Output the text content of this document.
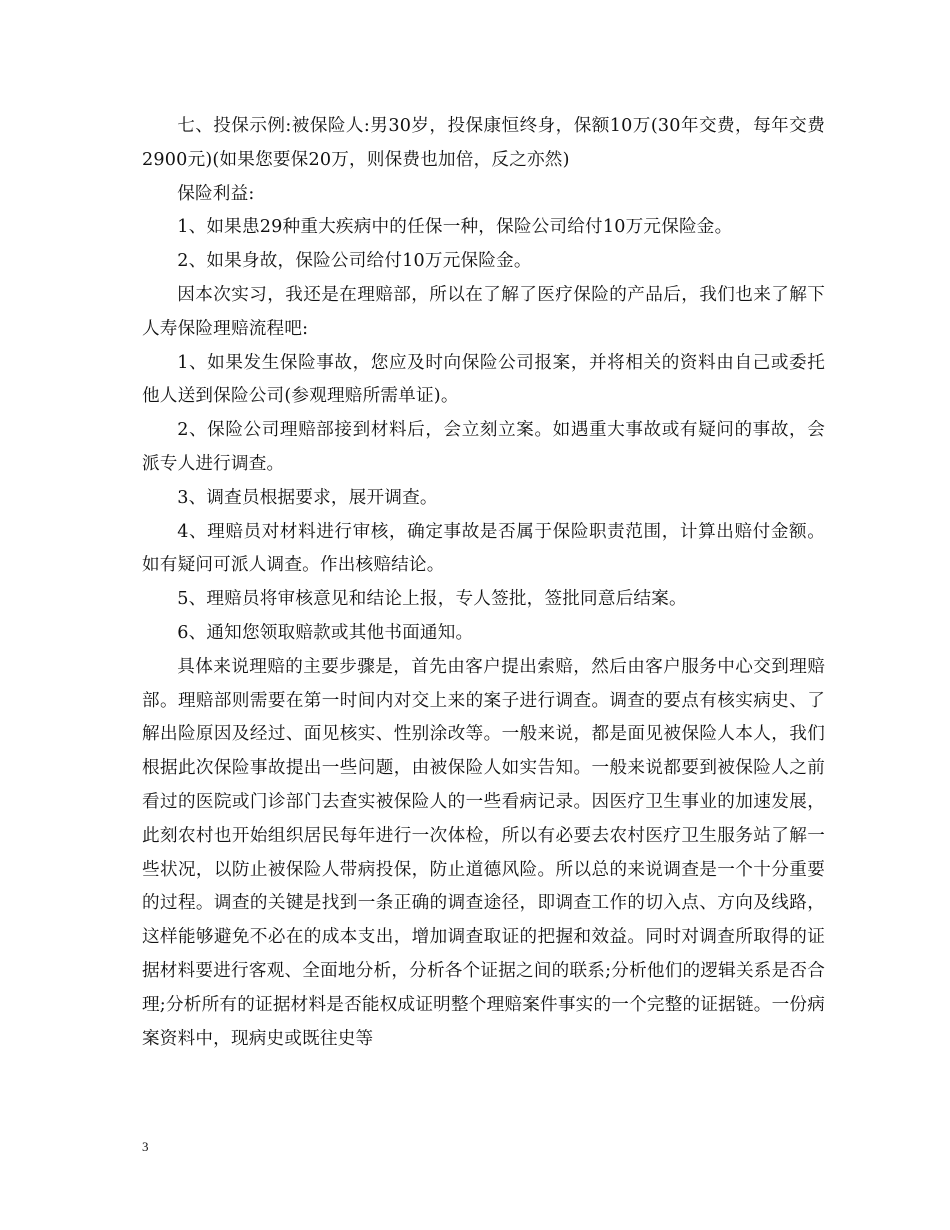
七、投保示例:被保险人:男30岁，投保康恒终身，保额10万(30年交费，每年交费2900元)(如果您要保20万，则保费也加倍，反之亦然)

保险利益:

1、如果患29种重大疾病中的任保一种，保险公司给付10万元保险金。

2、如果身故，保险公司给付10万元保险金。

因本次实习，我还是在理赔部，所以在了解了医疗保险的产品后，我们也来了解下人寿保险理赔流程吧:

1、如果发生保险事故，您应及时向保险公司报案，并将相关的资料由自己或委托他人送到保险公司(参观理赔所需单证)。

2、保险公司理赔部接到材料后，会立刻立案。如遇重大事故或有疑问的事故，会派专人进行调查。

3、调查员根据要求，展开调查。

4、理赔员对材料进行审核，确定事故是否属于保险职责范围，计算出赔付金额。如有疑问可派人调查。作出核赔结论。

5、理赔员将审核意见和结论上报，专人签批，签批同意后结案。

6、通知您领取赔款或其他书面通知。

具体来说理赔的主要步骤是，首先由客户提出索赔，然后由客户服务中心交到理赔部。理赔部则需要在第一时间内对交上来的案子进行调查。调查的要点有核实病史、了解出险原因及经过、面见核实、性别涂改等。一般来说，都是面见被保险人本人，我们根据此次保险事故提出一些问题，由被保险人如实告知。一般来说都要到被保险人之前看过的医院或门诊部门去查实被保险人的一些看病记录。因医疗卫生事业的加速发展，此刻农村也开始组织居民每年进行一次体检，所以有必要去农村医疗卫生服务站了解一些状况，以防止被保险人带病投保，防止道德风险。所以总的来说调查是一个十分重要的过程。调查的关键是找到一条正确的调查途径，即调查工作的切入点、方向及线路，这样能够避免不必在的成本支出，增加调查取证的把握和效益。同时对调查所取得的证据材料要进行客观、全面地分析，分析各个证据之间的联系;分析他们的逻辑关系是否合理;分析所有的证据材料是否能权成证明整个理赔案件事实的一个完整的证据链。一份病案资料中，现病史或既往史等

3
